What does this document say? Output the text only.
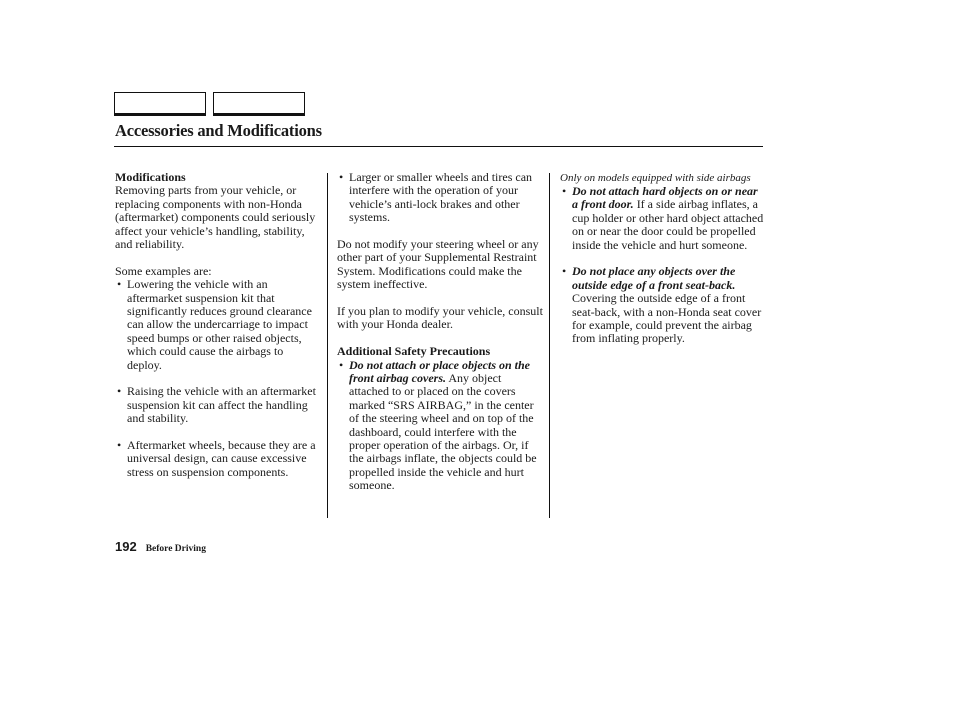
Accessories and Modifications

Modifications

Removing parts from your vehicle, or replacing components with non-Honda (aftermarket) components could seriously affect your vehicle’s handling, stability, and reliability.

Some examples are:

• Lowering the vehicle with an aftermarket suspension kit that significantly reduces ground clearance can allow the undercarriage to impact speed bumps or other raised objects, which could cause the airbags to deploy.
• Raising the vehicle with an aftermarket suspension kit can affect the handling and stability.
• Aftermarket wheels, because they are a universal design, can cause excessive stress on suspension components.
• Larger or smaller wheels and tires can interfere with the operation of your vehicle’s anti-lock brakes and other systems.

Do not modify your steering wheel or any other part of your Supplemental Restraint System. Modifications could make the system ineffective.

If you plan to modify your vehicle, consult with your Honda dealer.

Additional Safety Precautions

• Do not attach or place objects on the front airbag covers. Any object attached to or placed on the covers marked “SRS AIRBAG,” in the center of the steering wheel and on top of the dashboard, could interfere with the proper operation of the airbags. Or, if the airbags inflate, the objects could be propelled inside the vehicle and hurt someone.

Only on models equipped with side airbags

• Do not attach hard objects on or near a front door. If a side airbag inflates, a cup holder or other hard object attached on or near the door could be propelled inside the vehicle and hurt someone.
• Do not place any objects over the outside edge of a front seat-back. Covering the outside edge of a front seat-back, with a non-Honda seat cover for example, could prevent the airbag from inflating properly.
192 Before Driving
